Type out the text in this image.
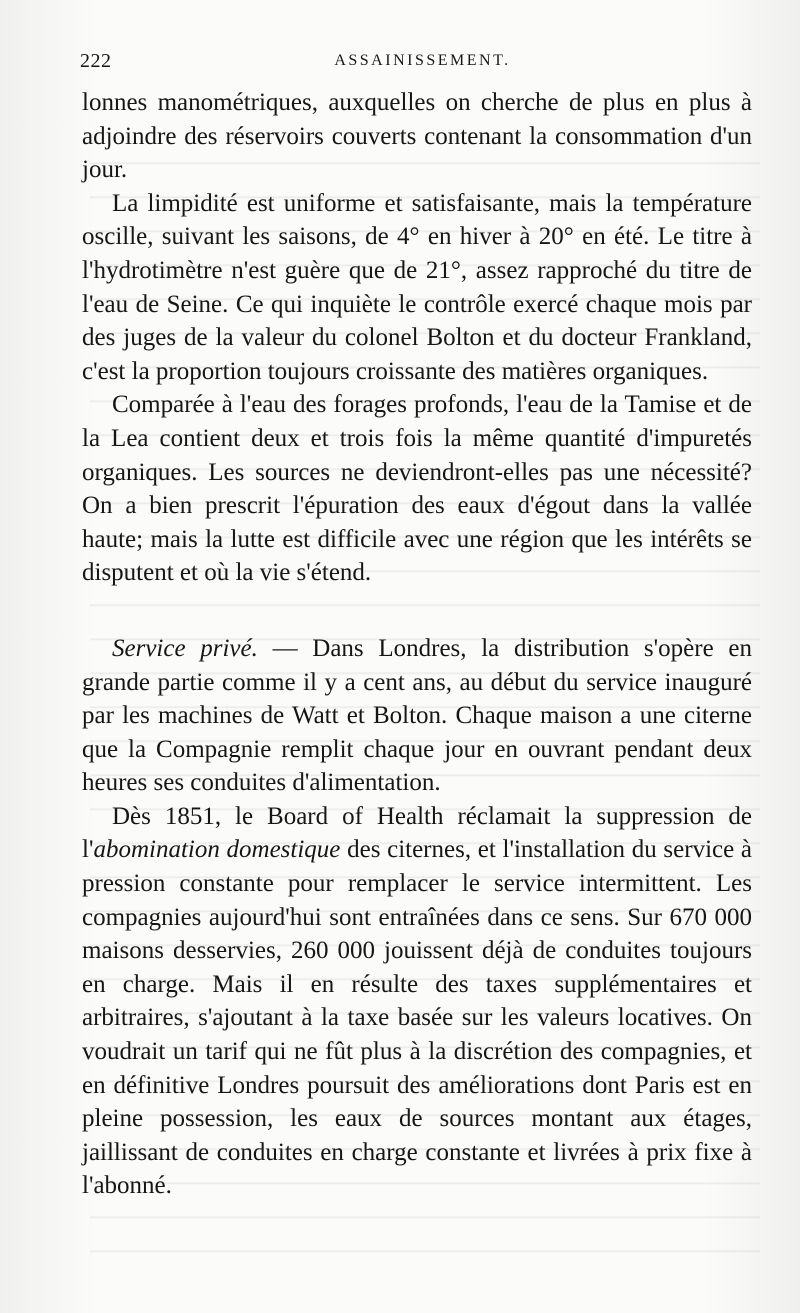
222	ASSAINISSEMENT.

lonnes manométriques, auxquelles on cherche de plus en plus à adjoindre des réservoirs couverts contenant la consommation d'un jour.

La limpidité est uniforme et satisfaisante, mais la température oscille, suivant les saisons, de 4° en hiver à 20° en été. Le titre à l'hydrotimètre n'est guère que de 21°, assez rapproché du titre de l'eau de Seine. Ce qui inquiète le contrôle exercé chaque mois par des juges de la valeur du colonel Bolton et du docteur Frankland, c'est la proportion toujours croissante des matières organiques.

Comparée à l'eau des forages profonds, l'eau de la Tamise et de la Lea contient deux et trois fois la même quantité d'impuretés organiques. Les sources ne deviendront-elles pas une nécessité? On a bien prescrit l'épuration des eaux d'égout dans la vallée haute; mais la lutte est difficile avec une région que les intérêts se disputent et où la vie s'étend.

Service privé. — Dans Londres, la distribution s'opère en grande partie comme il y a cent ans, au début du service inauguré par les machines de Watt et Bolton. Chaque maison a une citerne que la Compagnie remplit chaque jour en ouvrant pendant deux heures ses conduites d'alimentation.

Dès 1851, le Board of Health réclamait la suppression de l'abomination domestique des citernes, et l'installation du service à pression constante pour remplacer le service intermittent. Les compagnies aujourd'hui sont entraînées dans ce sens. Sur 670 000 maisons desservies, 260 000 jouissent déjà de conduites toujours en charge. Mais il en résulte des taxes supplémentaires et arbitraires, s'ajoutant à la taxe basée sur les valeurs locatives. On voudrait un tarif qui ne fût plus à la discrétion des compagnies, et en définitive Londres poursuit des améliorations dont Paris est en pleine possession, les eaux de sources montant aux étages, jaillissant de conduites en charge constante et livrées à prix fixe à l'abonné.
